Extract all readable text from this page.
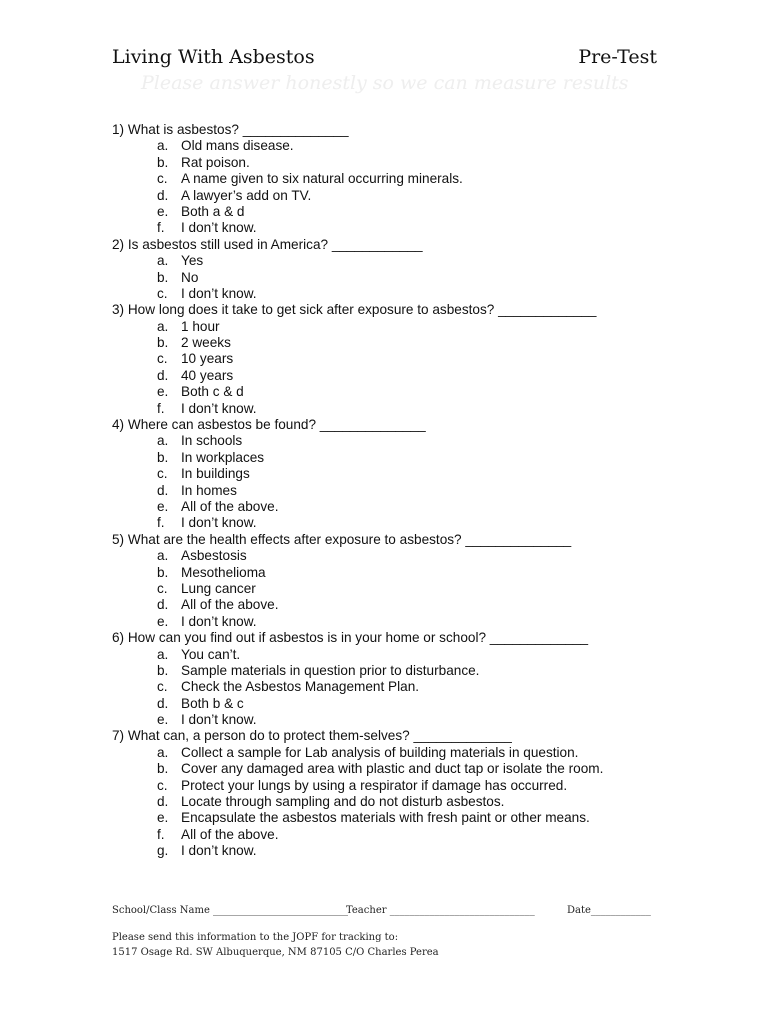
Living With Asbestos	Pre-Test
Please answer honestly so we can measure results
1) What is asbestos? ______________
a. Old mans disease.
b. Rat poison.
c. A name given to six natural occurring minerals.
d. A lawyer’s add on TV.
e. Both a & d
f. I don’t know.
2) Is asbestos still used in America? ____________
a. Yes
b. No
c. I don’t know.
3) How long does it take to get sick after exposure to asbestos? _____________
a. 1 hour
b. 2 weeks
c. 10 years
d. 40 years
e. Both c & d
f. I don’t know.
4) Where can asbestos be found? ______________
a. In schools
b. In workplaces
c. In buildings
d. In homes
e. All of the above.
f. I don’t know.
5) What are the health effects after exposure to asbestos? ______________
a. Asbestosis
b. Mesothelioma
c. Lung cancer
d. All of the above.
e. I don’t know.
6) How can you find out if asbestos is in your home or school? _____________
a. You can’t.
b. Sample materials in question prior to disturbance.
c. Check the Asbestos Management Plan.
d. Both b & c
e. I don’t know.
7) What can, a person do to protect them-selves? _____________
a. Collect a sample for Lab analysis of building materials in question.
b. Cover any damaged area with plastic and duct tap or isolate the room.
c. Protect your lungs by using a respirator if damage has occurred.
d. Locate through sampling and do not disturb asbestos.
e. Encapsulate the asbestos materials with fresh paint or other means.
f. All of the above.
g. I don’t know.
School/Class Name ___________________________
Teacher _____________________________	Date____________
Please send this information to the JOPF for tracking to:
1517 Osage Rd. SW Albuquerque, NM 87105 C/O Charles Perea
